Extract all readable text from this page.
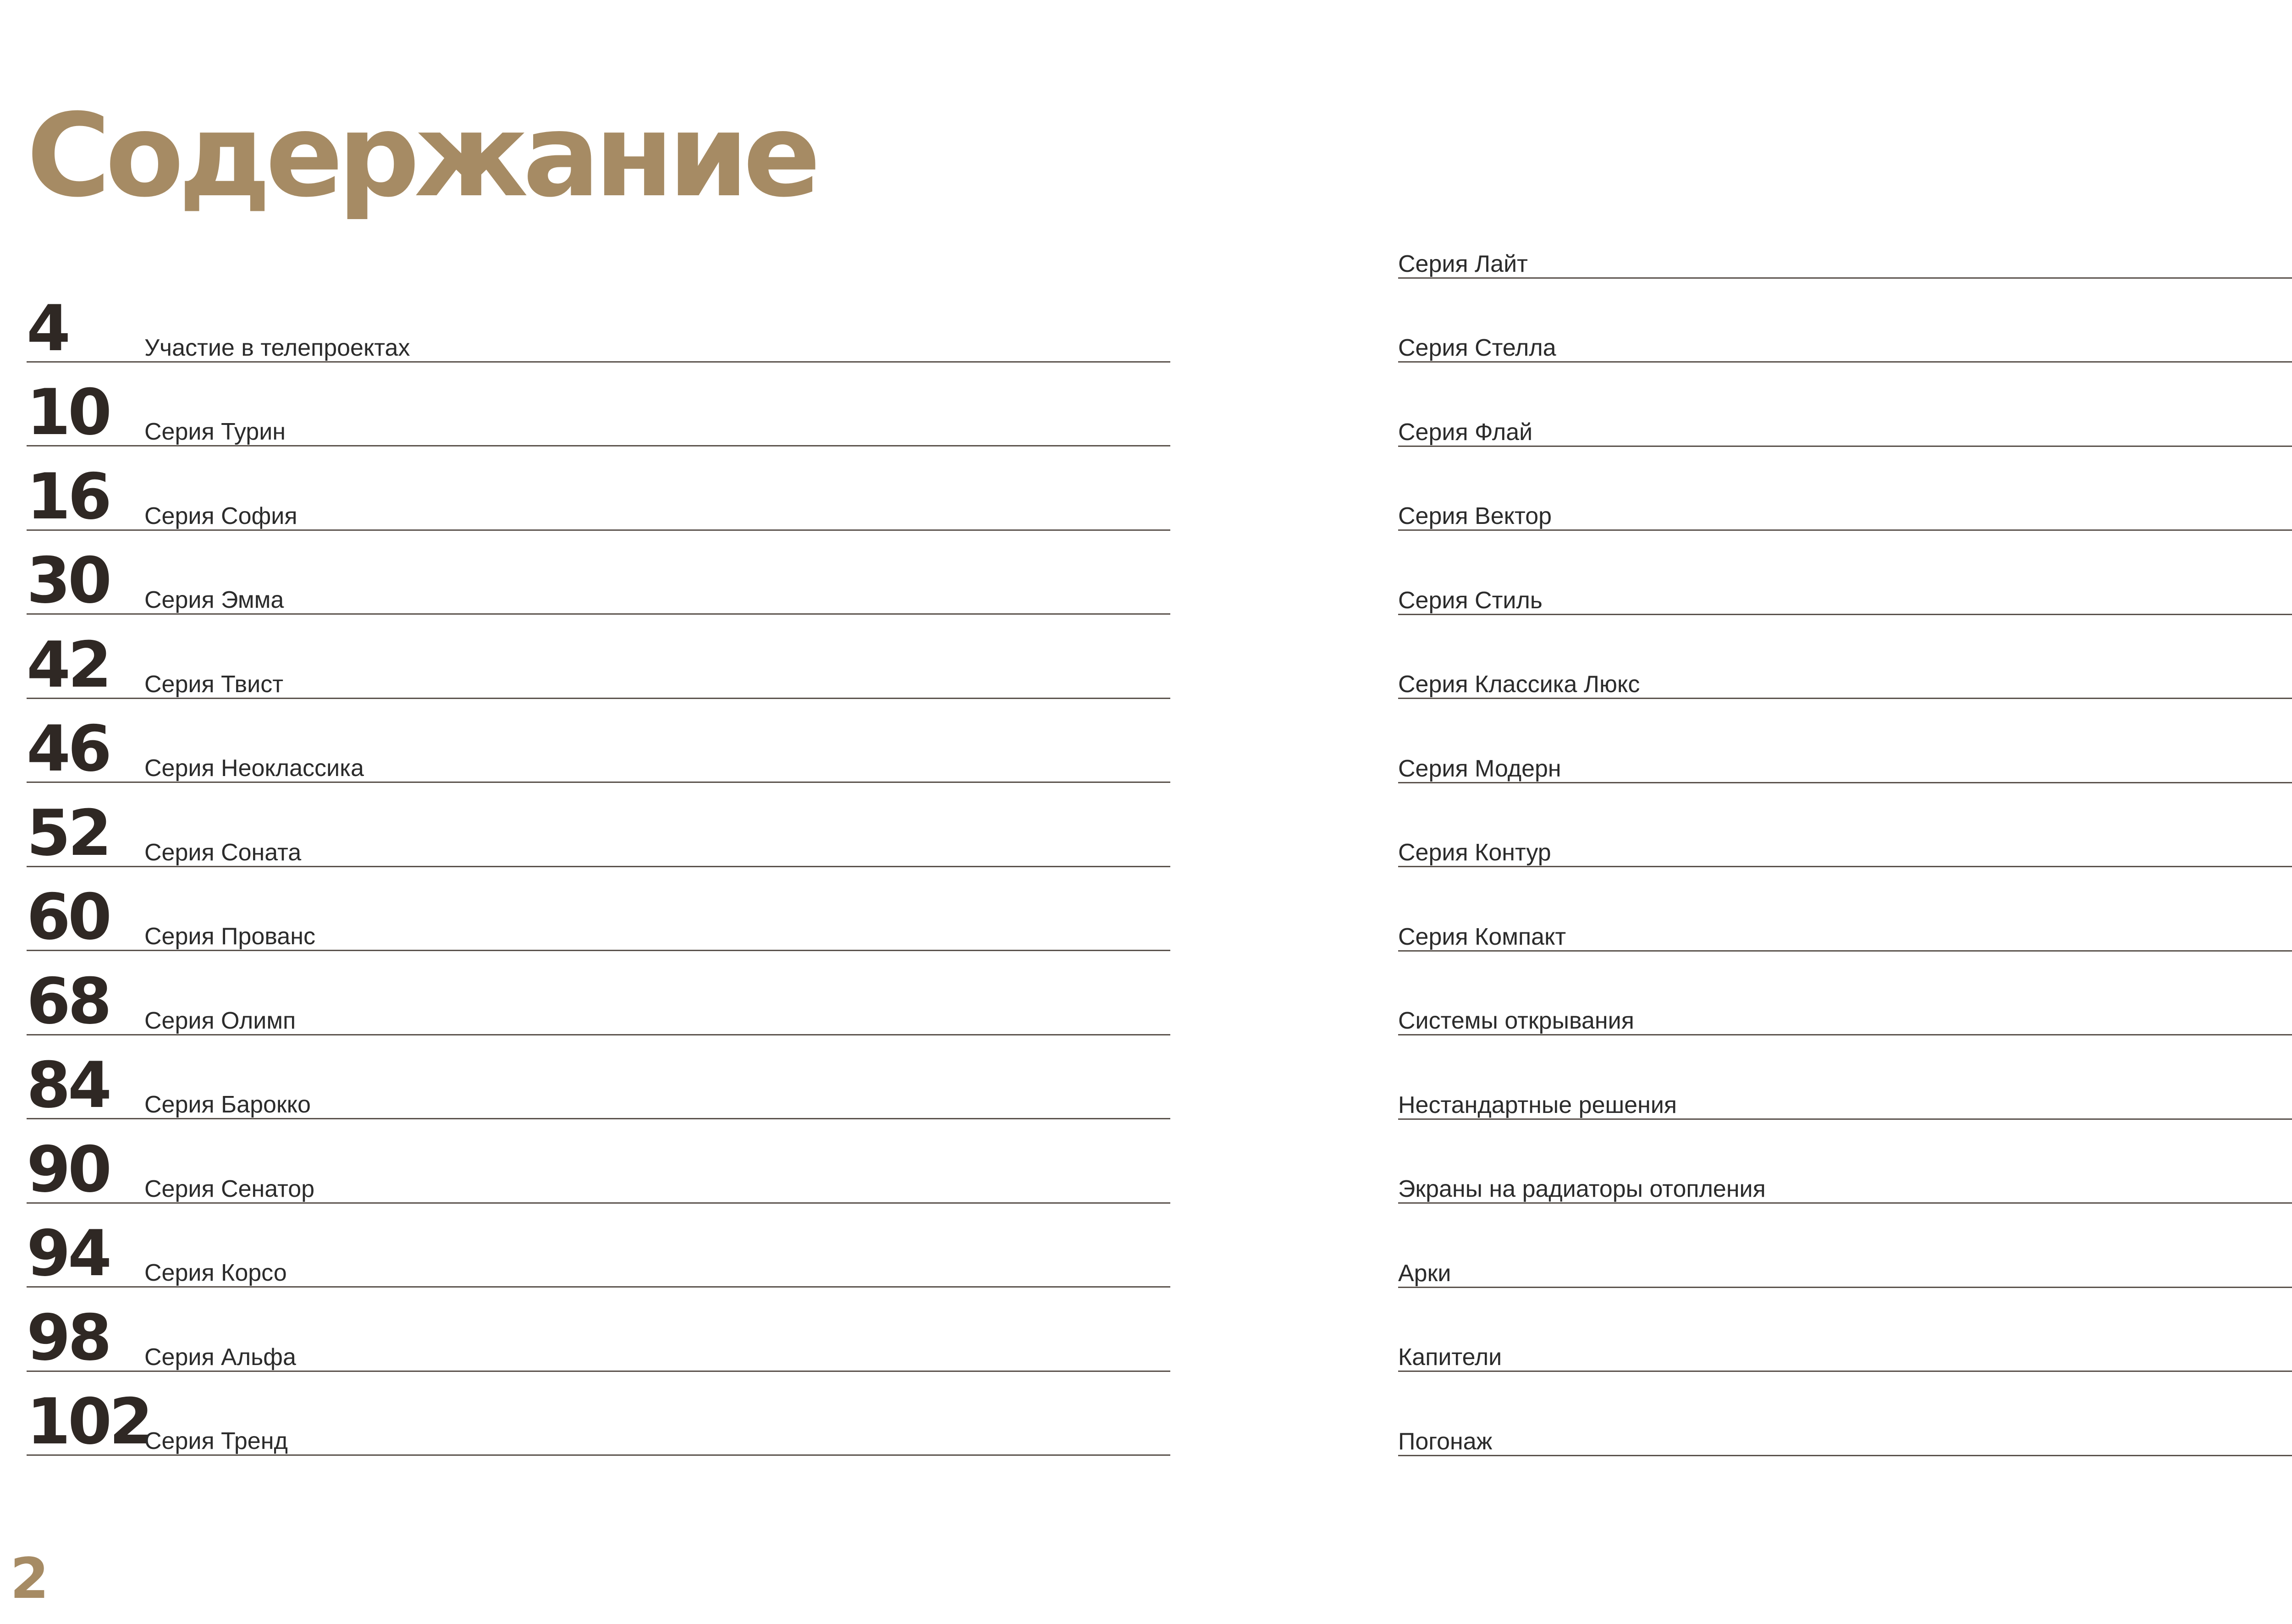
Содержание
4	Участие в телепроектах
10 Серия Турин
16 Серия София
30 Серия Эмма
42 Серия Твист
46 Серия Неоклассика
52 Серия Соната
60 Серия Прованс
68 Серия Олимп
84 Серия Барокко
90 Серия Сенатор
94 Серия Корсо
98 Серия Альфа
102
Серия Тренд
Серия Лайт
Серия Стелла
Серия Флай
Серия Вектор
Серия Стиль
Серия Классика Люкс
Серия Модерн
Серия Контур
Серия Компакт
Системы открывания
Нестандартные решения
Экраны на радиаторы отопления
Арки
Капители
Погонаж
2
